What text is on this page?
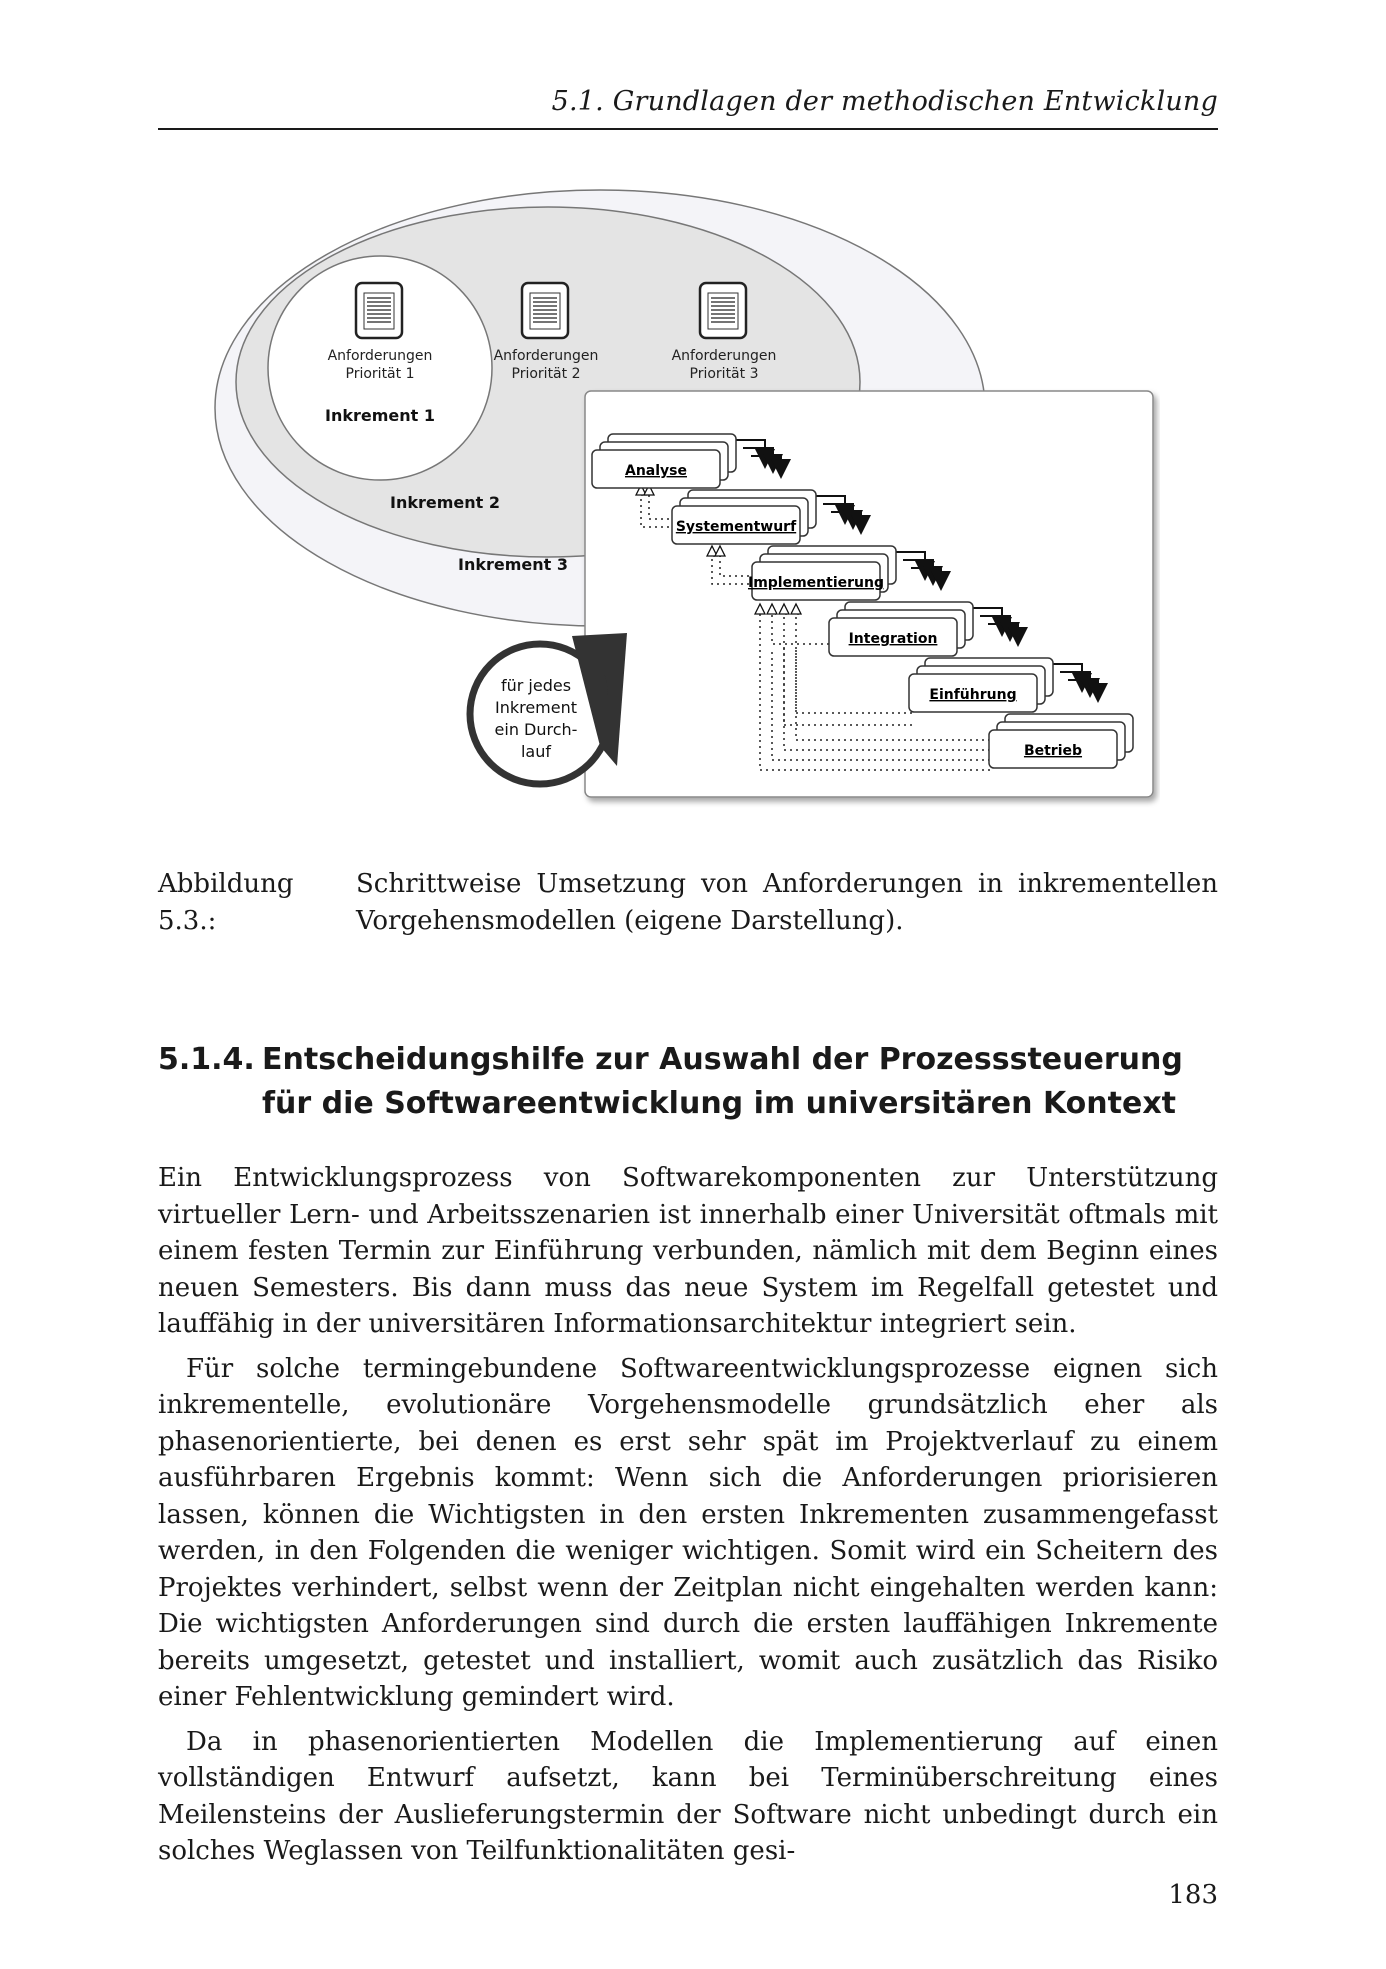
5.1. Grundlagen der methodischen Entwicklung
Anforderungen
Priorität 1
Anforderungen
Priorität 2
Anforderungen
Priorität 3
Inkrement 1
Inkrement 2
Inkrement 3
Analyse
Systementwurf
Implementierung
Integration
Einführung
Betrieb
für jedes
Inkrement
ein Durch-
lauf
Abbildung 5.3.:
Schrittweise Umsetzung von Anforderungen in inkrementellen Vorgehensmodellen (eigene Darstellung).
5.1.4. Entscheidungshilfe zur Auswahl der Prozesssteuerung für die Softwareentwicklung im universitären Kontext

Ein Entwicklungsprozess von Softwarekomponenten zur Unterstützung virtueller Lern- und Arbeitsszenarien ist innerhalb einer Universität oftmals mit einem festen Termin zur Einführung verbunden, nämlich mit dem Beginn eines neuen Semesters. Bis dann muss das neue System im Regelfall getestet und lauffähig in der universitären Informationsarchitektur integriert sein.

Für solche termingebundene Softwareentwicklungsprozesse eignen sich inkrementelle, evolutionäre Vorgehensmodelle grundsätzlich eher als phasenorientierte, bei denen es erst sehr spät im Projektverlauf zu einem ausführbaren Ergebnis kommt: Wenn sich die Anforderungen priorisieren lassen, können die Wichtigsten in den ersten Inkrementen zusammengefasst werden, in den Folgenden die weniger wichtigen. Somit wird ein Scheitern des Projektes verhindert, selbst wenn der Zeitplan nicht eingehalten werden kann: Die wichtigsten Anforderungen sind durch die ersten lauffähigen Inkremente bereits umgesetzt, getestet und installiert, womit auch zusätzlich das Risiko einer Fehlentwicklung gemindert wird.

Da in phasenorientierten Modellen die Implementierung auf einen vollständigen Entwurf aufsetzt, kann bei Terminüberschreitung eines Meilensteins der Auslieferungstermin der Software nicht unbedingt durch ein solches Weglassen von Teilfunktionalitäten gesi-

183
